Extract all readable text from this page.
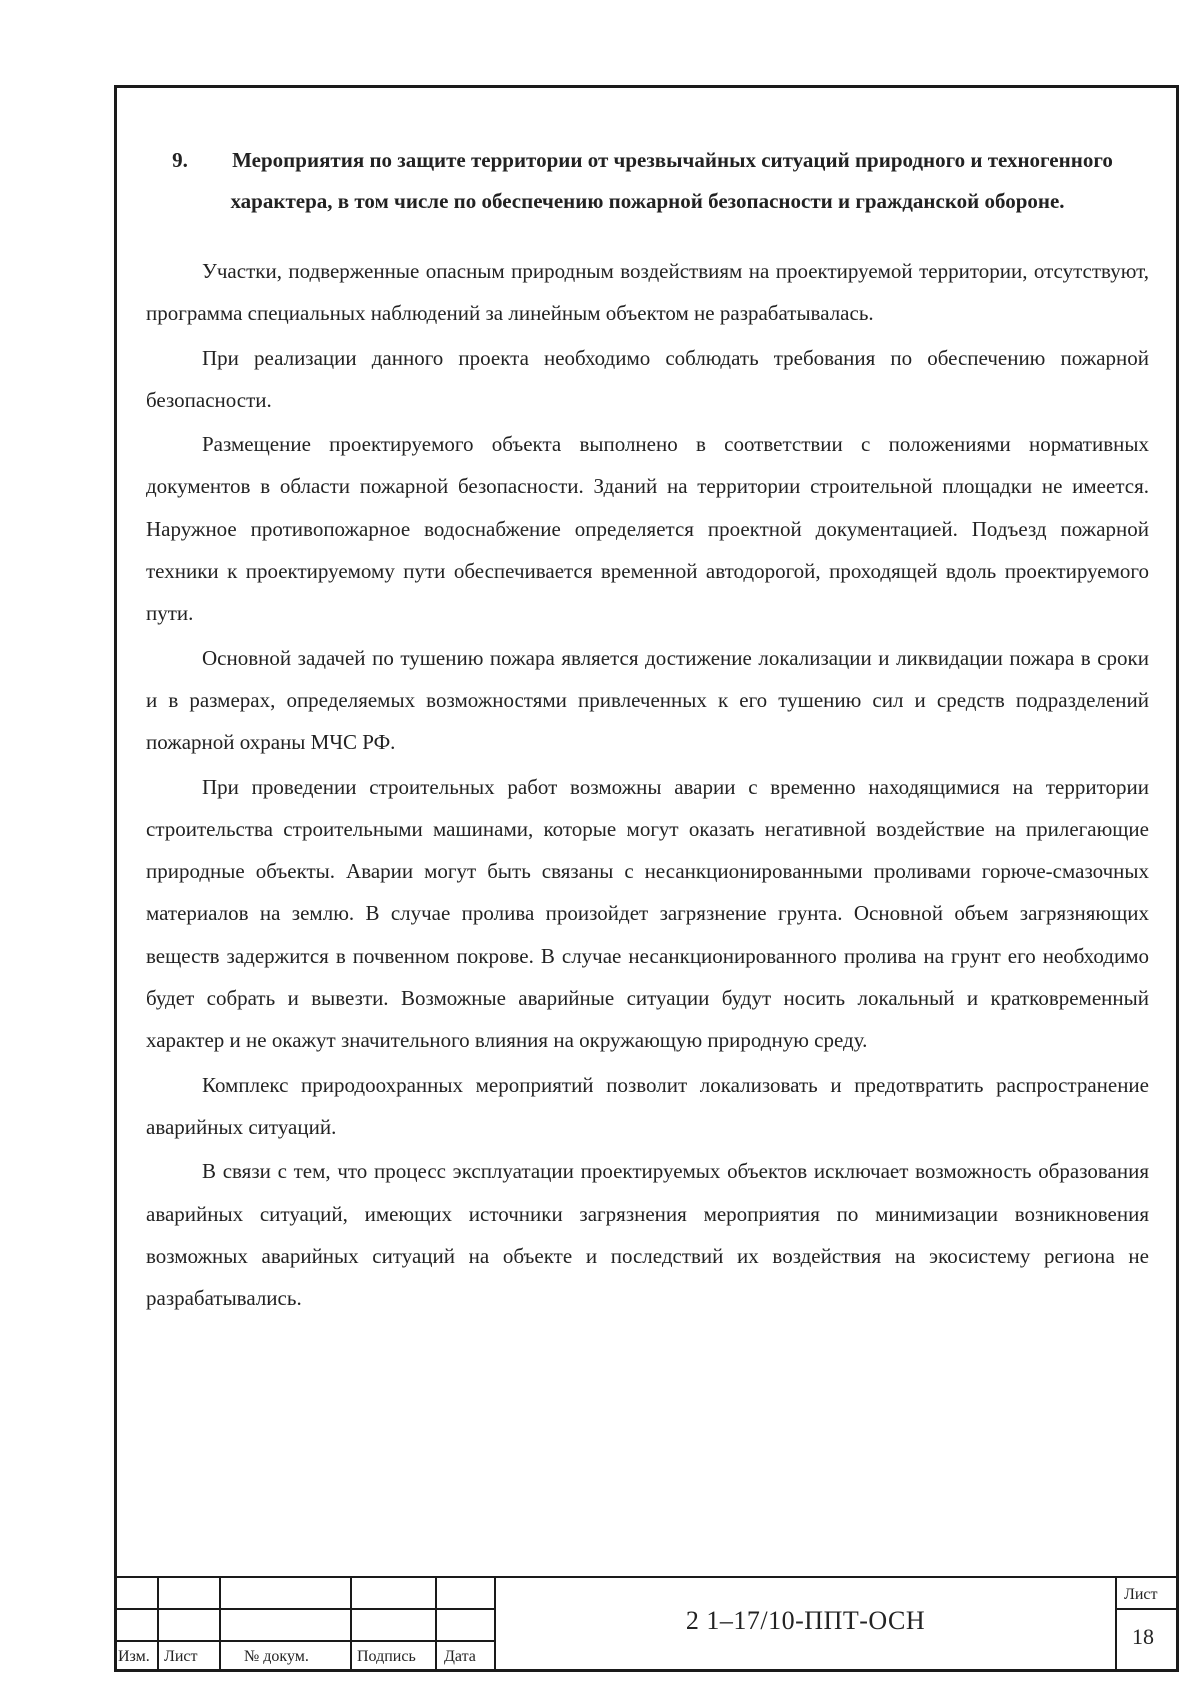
9. Мероприятия по защите территории от чрезвычайных ситуаций природного и техногенного характера, в том числе по обеспечению пожарной безопасности и гражданской обороне.

Участки, подверженные опасным природным воздействиям на проектируемой территории, отсутствуют, программа специальных наблюдений за линейным объектом не разрабатывалась.

При реализации данного проекта необходимо соблюдать требования по обеспечению пожарной безопасности.

Размещение проектируемого объекта выполнено в соответствии с положениями нормативных документов в области пожарной безопасности. Зданий на территории строительной площадки не имеется. Наружное противопожарное водоснабжение определяется проектной документацией. Подъезд пожарной техники к проектируемому пути обеспечивается временной автодорогой, проходящей вдоль проектируемого пути.

Основной задачей по тушению пожара является достижение локализации и ликвидации пожара в сроки и в размерах, определяемых возможностями привлеченных к его тушению сил и средств подразделений пожарной охраны МЧС РФ.

При проведении строительных работ возможны аварии с временно находящимися на территории строительства строительными машинами, которые могут оказать негативной воздействие на прилегающие природные объекты. Аварии могут быть связаны с несанкционированными проливами горюче-смазочных материалов на землю. В случае пролива произойдет загрязнение грунта. Основной объем загрязняющих веществ задержится в почвенном покрове. В случае несанкционированного пролива на грунт его необходимо будет собрать и вывезти. Возможные аварийные ситуации будут носить локальный и кратковременный характер и не окажут значительного влияния на окружающую природную среду.

Комплекс природоохранных мероприятий позволит локализовать и предотвратить распространение аварийных ситуаций.

В связи с тем, что процесс эксплуатации проектируемых объектов исключает возможность образования аварийных ситуаций, имеющих источники загрязнения мероприятия по минимизации возникновения возможных аварийных ситуаций на объекте и последствий их воздействия на экосистему региона не разрабатывались.

Изм. Лист	№ докум.	Подпись Дата
2 1–17/10-ППТ-ОСН
Лист
18
